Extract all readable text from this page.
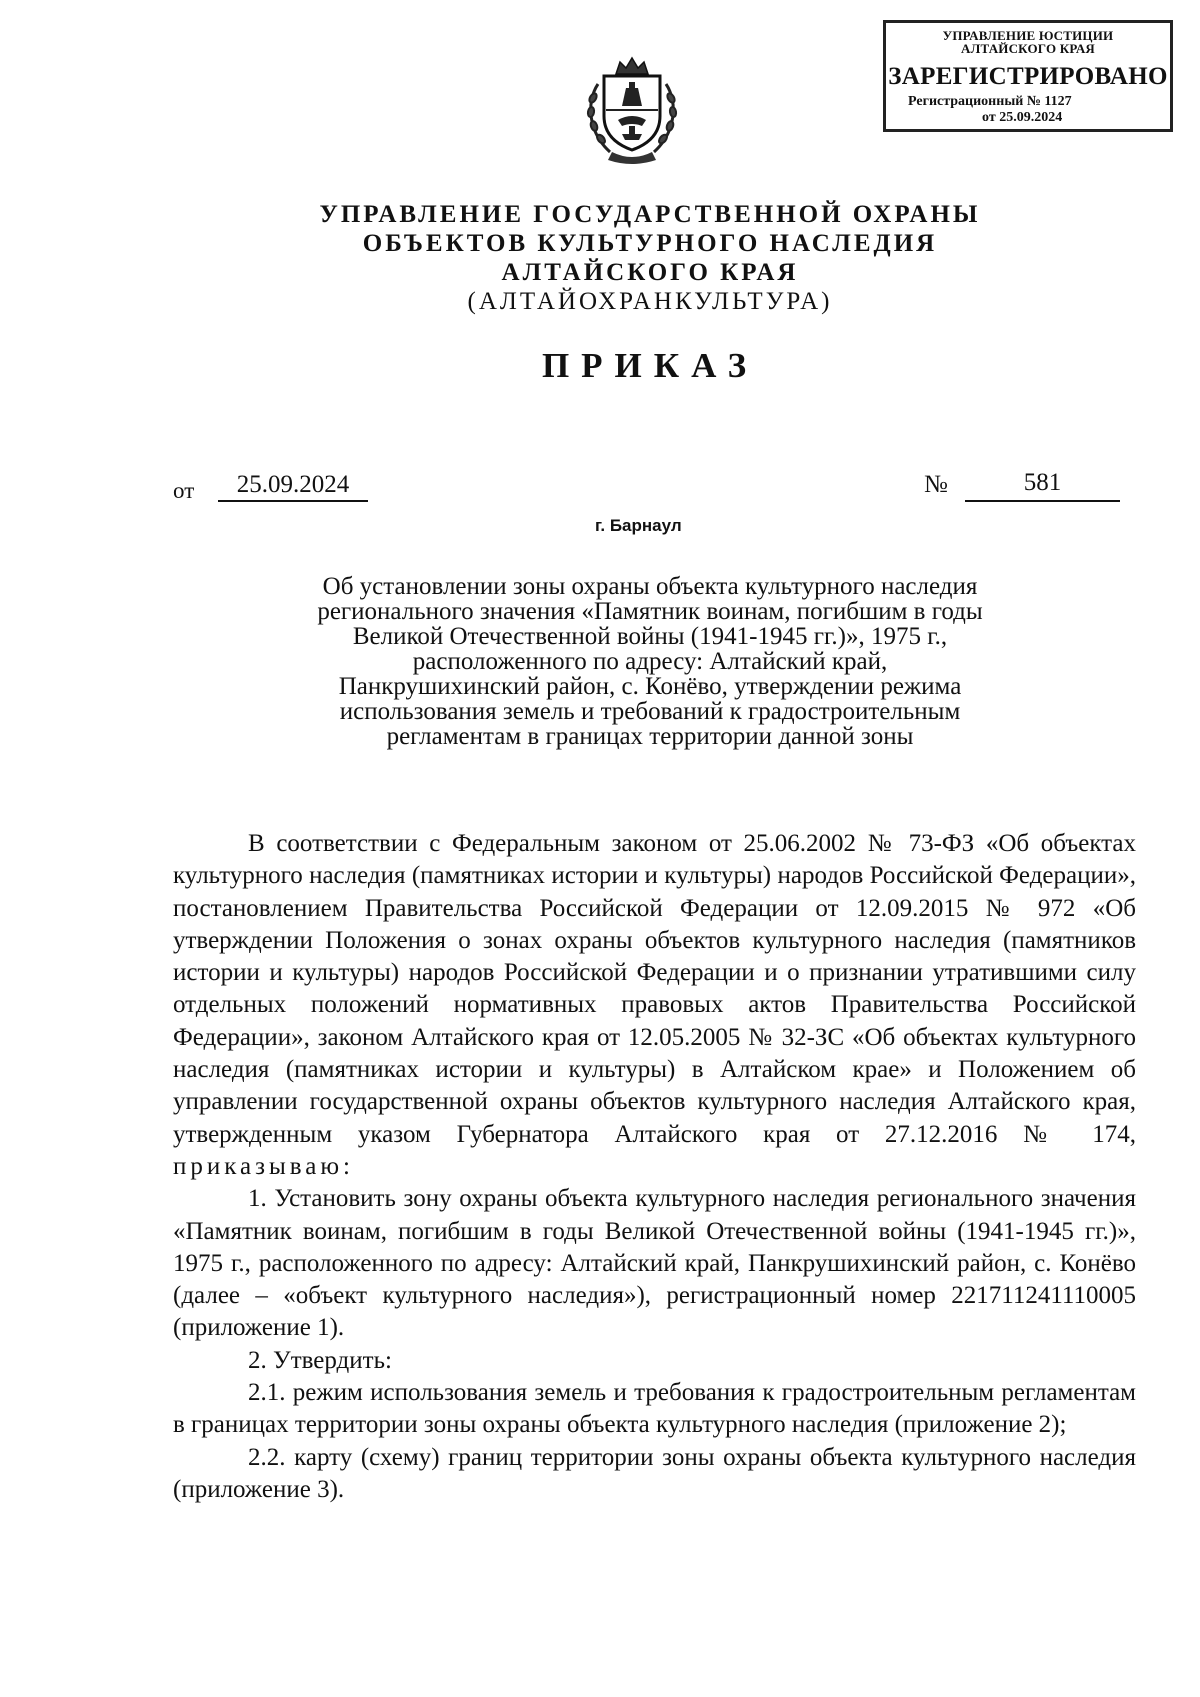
УПРАВЛЕНИЕ ЮСТИЦИИ
АЛТАЙСКОГО КРАЯ
ЗАРЕГИСТРИРОВАНО
Регистрационный № 1127
от 25.09.2024
УПРАВЛЕНИЕ ГОСУДАРСТВЕННОЙ ОХРАНЫ
ОБЪЕКТОВ КУЛЬТУРНОГО НАСЛЕДИЯ
АЛТАЙСКОГО КРАЯ
(АЛТАЙОХРАНКУЛЬТУРА)
ПРИКАЗ
от	25.09.2024	№	581
г. Барнаул
Об установлении зоны охраны объекта культурного наследия
регионального значения «Памятник воинам, погибшим в годы
Великой Отечественной войны (1941-1945 гг.)», 1975 г.,
расположенного по адресу: Алтайский край,
Панкрушихинский район, с. Конёво, утверждении режима
использования земель и требований к градостроительным
регламентам в границах территории данной зоны

В соответствии с Федеральным законом от 25.06.2002 № 73-ФЗ «Об объектах культурного наследия (памятниках истории и культуры) народов Российской Федерации», постановлением Правительства Российской Федерации от 12.09.2015 № 972 «Об утверждении Положения о зонах охраны объектов культурного наследия (памятников истории и культуры) народов Российской Федерации и о признании утратившими силу отдельных положений нормативных правовых актов Правительства Российской Федерации», законом Алтайского края от 12.05.2005 № 32-ЗС «Об объектах культурного наследия (памятниках истории и культуры) в Алтайском крае» и Положением об управлении государственной охраны объектов культурного наследия Алтайского края, утвержденным указом Губернатора Алтайского края от 27.12.2016 № 174, приказываю:

1. Установить зону охраны объекта культурного наследия регионального значения «Памятник воинам, погибшим в годы Великой Отечественной войны (1941-1945 гг.)», 1975 г., расположенного по адресу: Алтайский край, Панкрушихинский район, с. Конёво (далее – «объект культурного наследия»), регистрационный номер 221711241110005 (приложение 1).

2. Утвердить:

2.1. режим использования земель и требования к градостроительным регламентам в границах территории зоны охраны объекта культурного наследия (приложение 2);

2.2. карту (схему) границ территории зоны охраны объекта культурного наследия (приложение 3).
